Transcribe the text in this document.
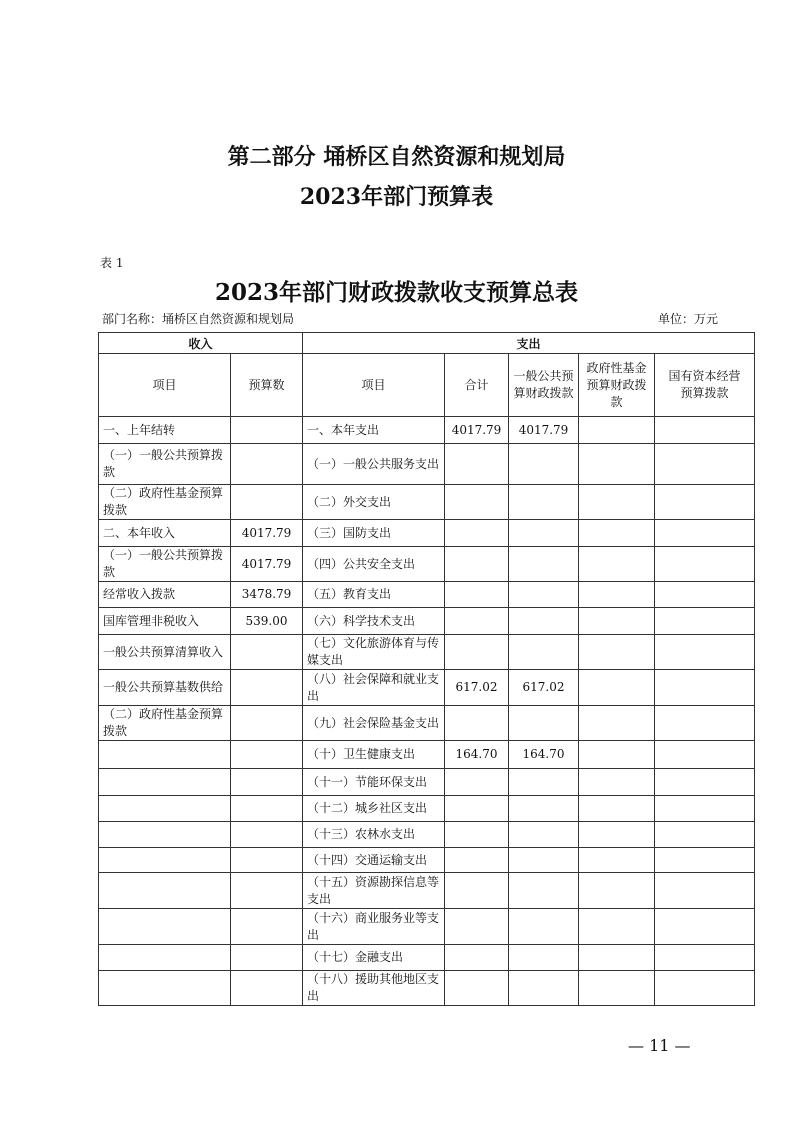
第二部分 埇桥区自然资源和规划局
2023年部门预算表
表 1
2023年部门财政拨款收支预算总表
部门名称：埇桥区自然资源和规划局	单位：万元
收入		支出				
项目	预算数	项目	合计	一般公共预算财政拨款	政府性基金预算财政拨款	国有资本经营预算拨款
一、上年结转		一、本年支出	4017.79	4017.79		
（一）一般公共预算拨款		（一）一般公共服务支出				
（二）政府性基金预算拨款		（二）外交支出				
二、本年收入	4017.79	（三）国防支出				
（一）一般公共预算拨款	4017.79	（四）公共安全支出				
经常收入拨款	3478.79	（五）教育支出				
国库管理非税收入	539.00	（六）科学技术支出				
一般公共预算清算收入		（七）文化旅游体育与传媒支出				
一般公共预算基数供给		（八）社会保障和就业支出	617.02	617.02		
（二）政府性基金预算拨款		（九）社会保险基金支出				
		（十）卫生健康支出	164.70	164.70		
		（十一）节能环保支出				
		（十二）城乡社区支出				
		（十三）农林水支出				
		（十四）交通运输支出				
		（十五）资源勘探信息等支出				
		（十六）商业服务业等支出				
		（十七）金融支出				
		（十八）援助其他地区支出				
— 11 —
